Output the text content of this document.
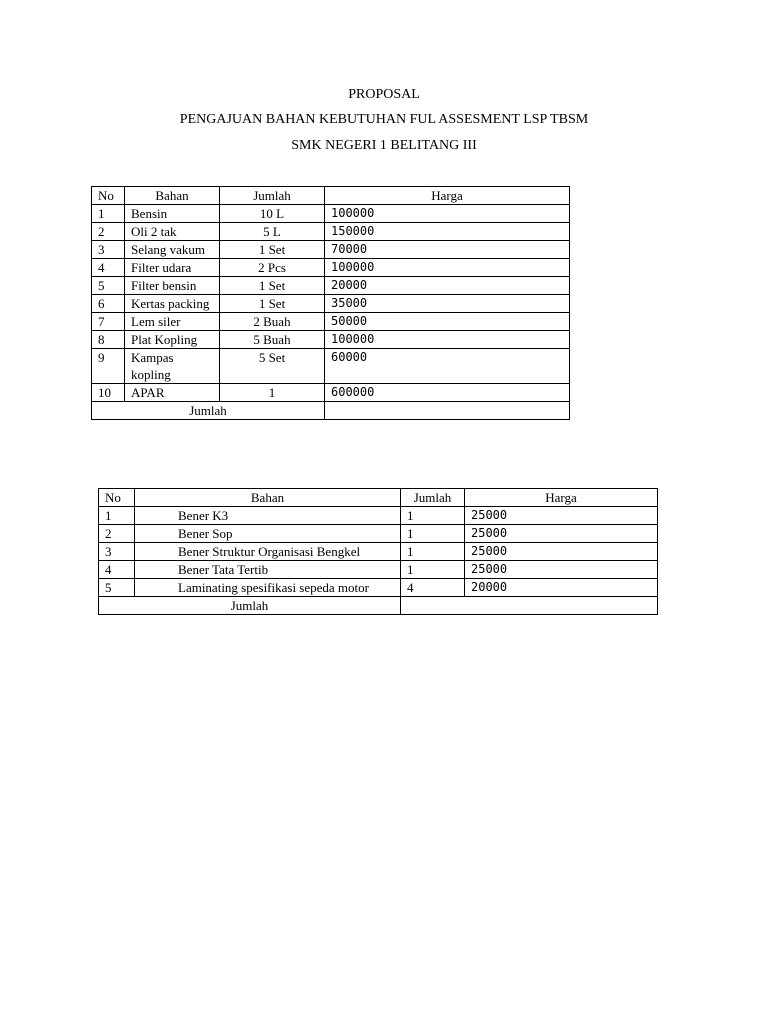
PROPOSAL
PENGAJUAN BAHAN KEBUTUHAN FUL ASSESMENT LSP TBSM
SMK NEGERI 1 BELITANG III
No	Bahan	Jumlah	Harga
1	Bensin	10 L	100000
2	Oli 2 tak	5 L	150000
3	Selang vakum	1 Set	70000
4	Filter udara	2 Pcs	100000
5	Filter bensin	1 Set	20000
6	Kertas packing	1 Set	35000
7	Lem siler	2 Buah	50000
8	Plat Kopling	5 Buah	100000
9	Kampas kopling	5 Set	60000
10	APAR	1	600000
Jumlah			
No	Bahan	Jumlah	Harga
1	Bener K3	1	25000
2	Bener Sop	1	25000
3	Bener Struktur Organisasi Bengkel	1	25000
4	Bener Tata Tertib	1	25000
5	Laminating spesifikasi sepeda motor	4	20000
Jumlah			
